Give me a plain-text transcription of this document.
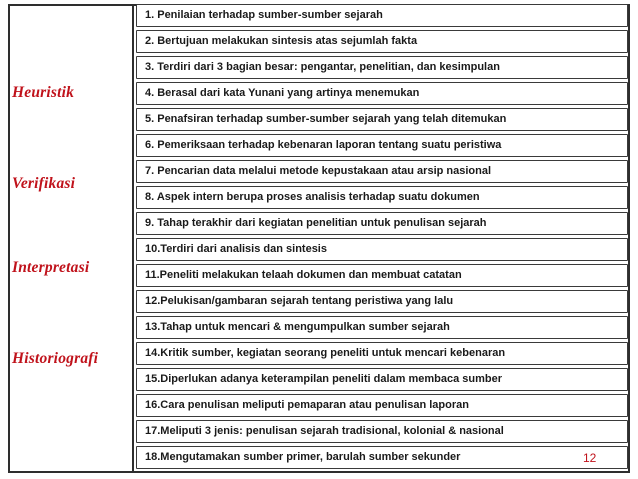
Heuristik
Verifikasi
Interpretasi
Historiografi
1. Penilaian terhadap sumber-sumber sejarah
2. Bertujuan melakukan sintesis atas sejumlah fakta
3. Terdiri dari 3 bagian besar: pengantar, penelitian, dan kesimpulan
4. Berasal dari kata Yunani yang artinya menemukan
5. Penafsiran terhadap sumber-sumber sejarah yang telah ditemukan
6. Pemeriksaan terhadap kebenaran laporan tentang suatu peristiwa
7. Pencarian data melalui metode kepustakaan atau arsip nasional
8. Aspek intern berupa proses analisis terhadap suatu dokumen
9. Tahap terakhir dari kegiatan penelitian untuk penulisan sejarah
10.Terdiri dari analisis dan sintesis
11.Peneliti melakukan telaah dokumen dan membuat catatan
12.Pelukisan/gambaran sejarah tentang peristiwa yang lalu
13.Tahap untuk mencari & mengumpulkan sumber sejarah
14.Kritik sumber, kegiatan seorang peneliti untuk mencari kebenaran
15.Diperlukan adanya keterampilan peneliti dalam membaca sumber
16.Cara penulisan meliputi pemaparan atau penulisan laporan
17.Meliputi 3 jenis: penulisan sejarah tradisional, kolonial & nasional
18.Mengutamakan sumber primer, barulah sumber sekunder	12
